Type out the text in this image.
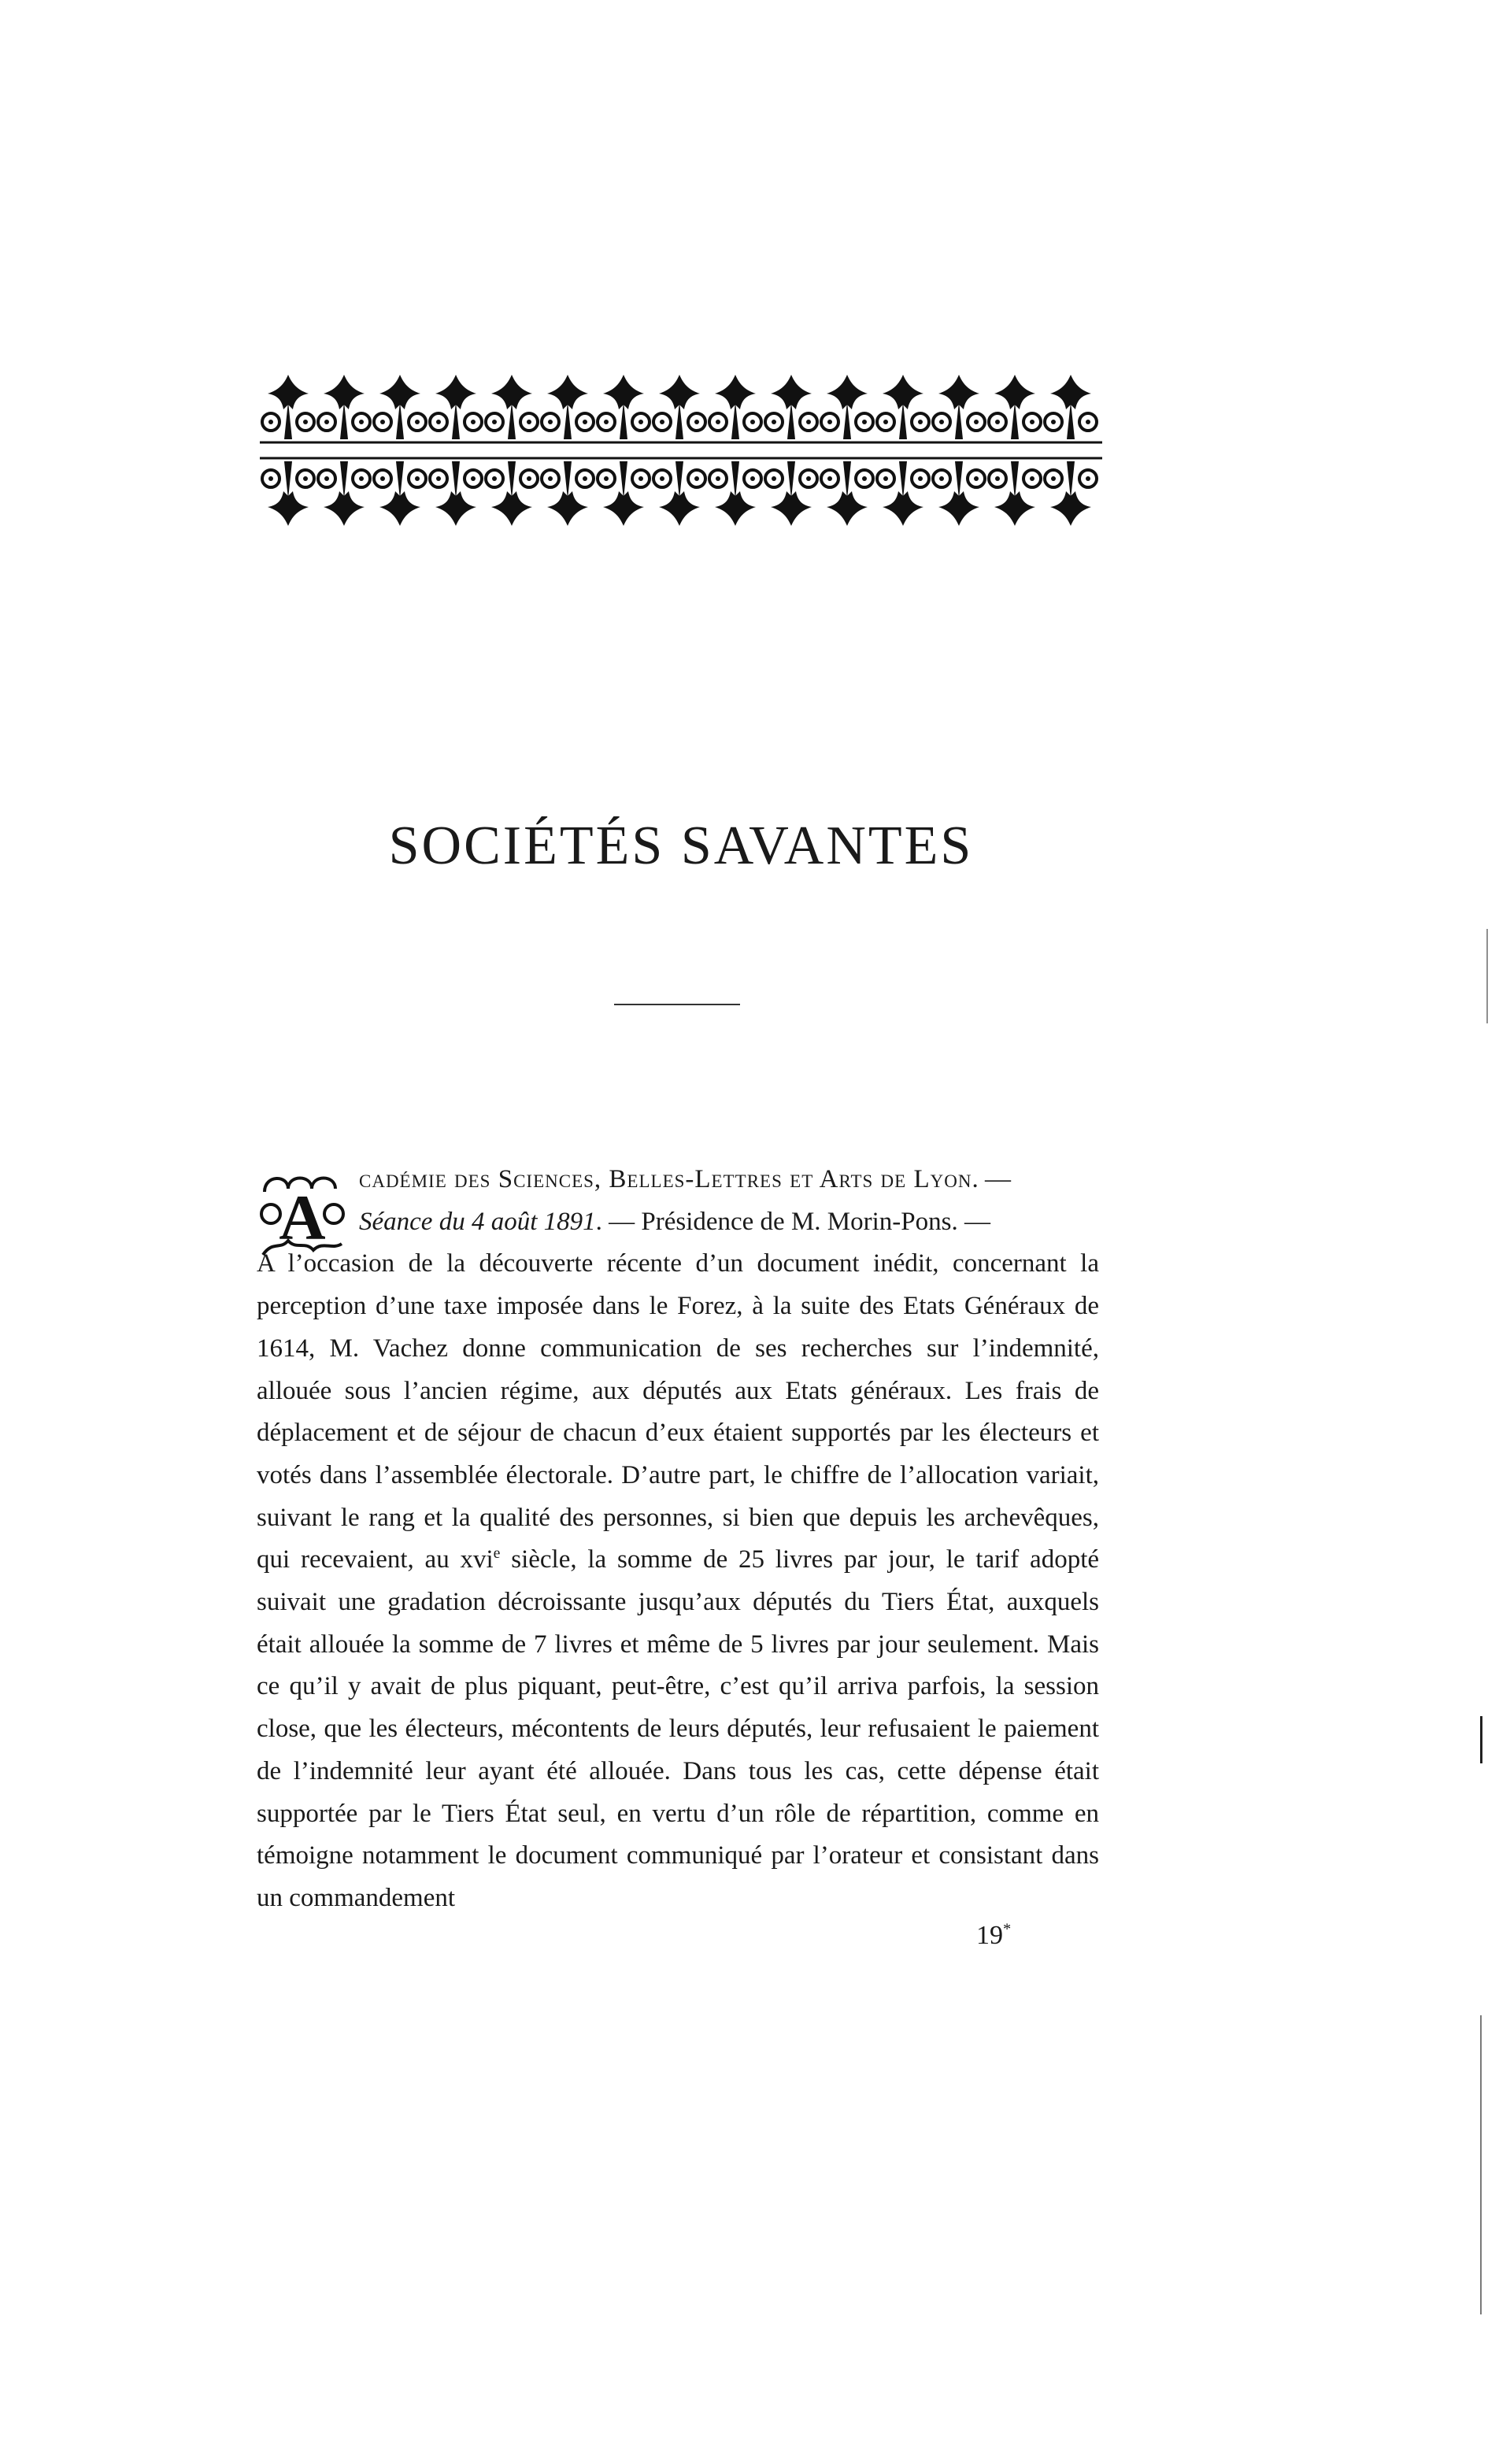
SOCIÉTÉS SAVANTES
A

cadémie des Sciences, Belles-Lettres et Arts de Lyon. —
Séance du 4 août 1891. — Présidence de M. Morin-Pons. —
A l’occasion de la découverte récente d’un document inédit, concernant la perception d’une taxe imposée dans le Forez, à la suite des Etats Généraux de 1614, M. Vachez donne communication de ses recherches sur l’indemnité, allouée sous l’ancien régime, aux députés aux Etats généraux. Les frais de déplacement et de séjour de chacun d’eux étaient supportés par les électeurs et votés dans l’assemblée électorale. D’autre part, le chiffre de l’allocation variait, suivant le rang et la qualité des personnes, si bien que depuis les archevêques, qui recevaient, au xvi$^e$ siècle, la somme de 25 livres par jour, le tarif adopté suivait une gradation décroissante jusqu’aux députés du Tiers État, auxquels était allouée la somme de 7 livres et même de 5 livres par jour seulement. Mais ce qu’il y avait de plus piquant, peut-être, c’est qu’il arriva parfois, la session close, que les électeurs, mécontents de leurs députés, leur refusaient le paiement de l’indemnité leur ayant été allouée. Dans tous les cas, cette dépense était supportée par le Tiers État seul, en vertu d’un rôle de répartition, comme en témoigne notamment le document communiqué par l’orateur et consistant dans un commandement

19*
